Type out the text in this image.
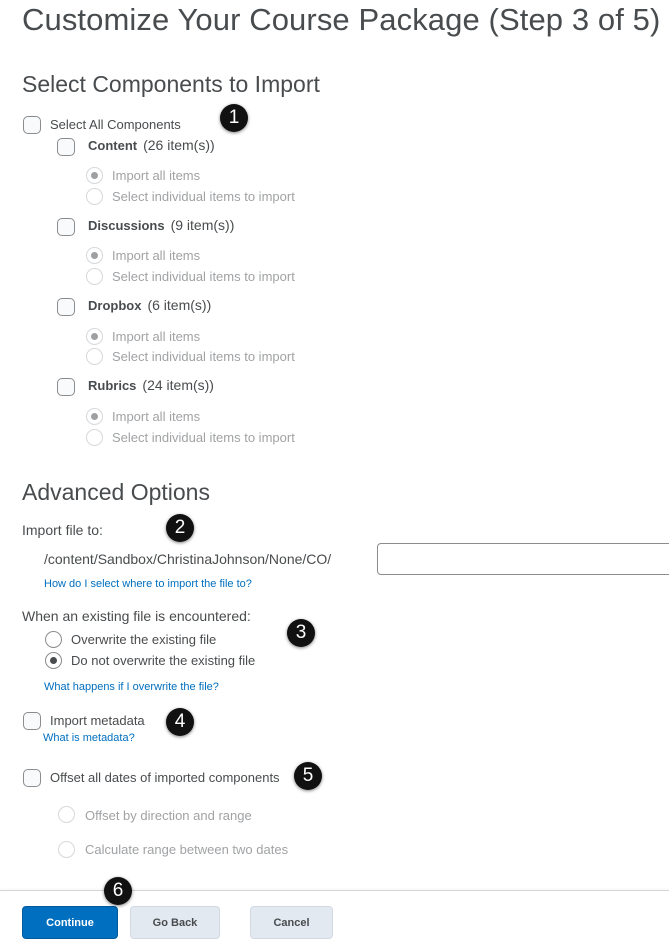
Customize Your Course Package (Step 3 of 5)
Select Components to Import
Select All Components	1
Content (26 item(s))
Import all items
Select individual items to import
Discussions (9 item(s))
Import all items
Select individual items to import
Dropbox (6 item(s))
Import all items
Select individual items to import
Rubrics (24 item(s))
Import all items
Select individual items to import
Advanced Options
Import file to:	2
/content/Sandbox/ChristinaJohnson/None/CO/
How do I select where to import the file to?
When an existing file is encountered:
3
Overwrite the existing file
Do not overwrite the existing file
What happens if I overwrite the file?
Import metadata	4
What is metadata?
Offset all dates of imported components	5
Offset by direction and range
Calculate range between two dates
6
Continue	Go Back	Cancel
